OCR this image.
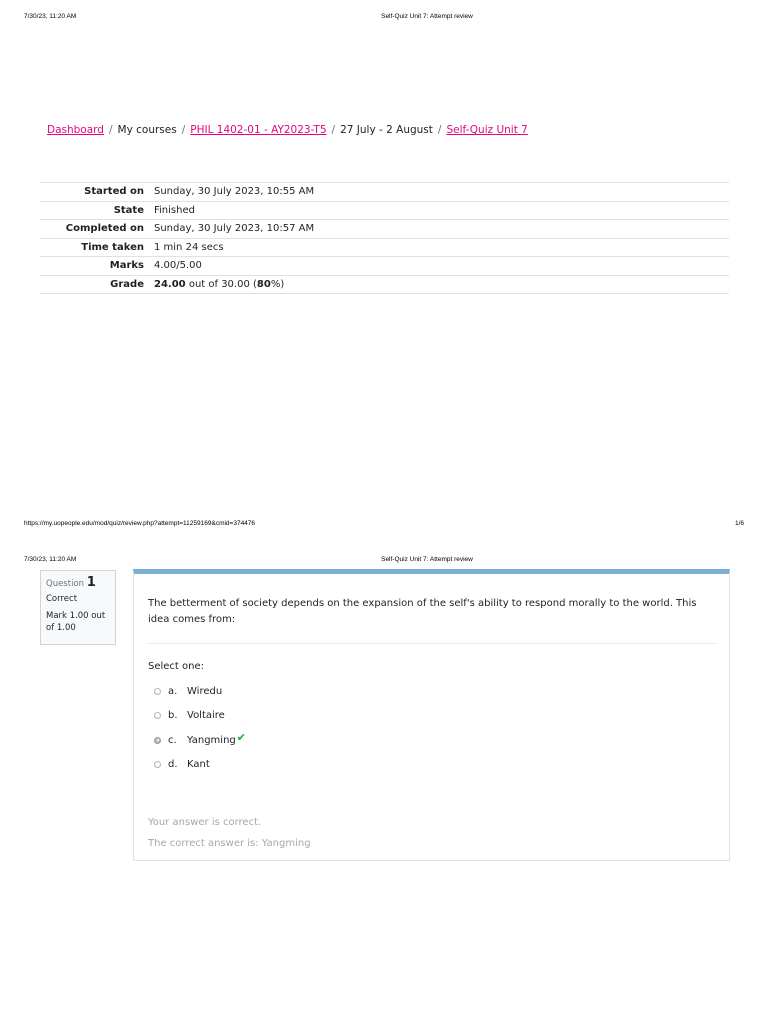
7/30/23, 11:20 AM	Self-Quiz Unit 7: Attempt review
Dashboard / My courses / PHIL 1402-01 - AY2023-T5 / 27 July - 2 August / Self-Quiz Unit 7
Started on	Sunday, 30 July 2023, 10:55 AM
State	Finished
Completed on	Sunday, 30 July 2023, 10:57 AM
Time taken	1 min 24 secs
Marks	4.00/5.00
Grade	24.00 out of 30.00 (80%)
https://my.uopeople.edu/mod/quiz/review.php?attempt=11259169&cmid=374476	1/6
7/30/23, 11:20 AM	Self-Quiz Unit 7: Attempt review
Question 1
Correct
Mark 1.00 out of 1.00
The betterment of society depends on the expansion of the self's ability to respond morally to the world. This idea comes from:
Select one:
a. Wiredu
b. Voltaire
c.	Yangming ✔
d. Kant
Your answer is correct.
The correct answer is: Yangming
